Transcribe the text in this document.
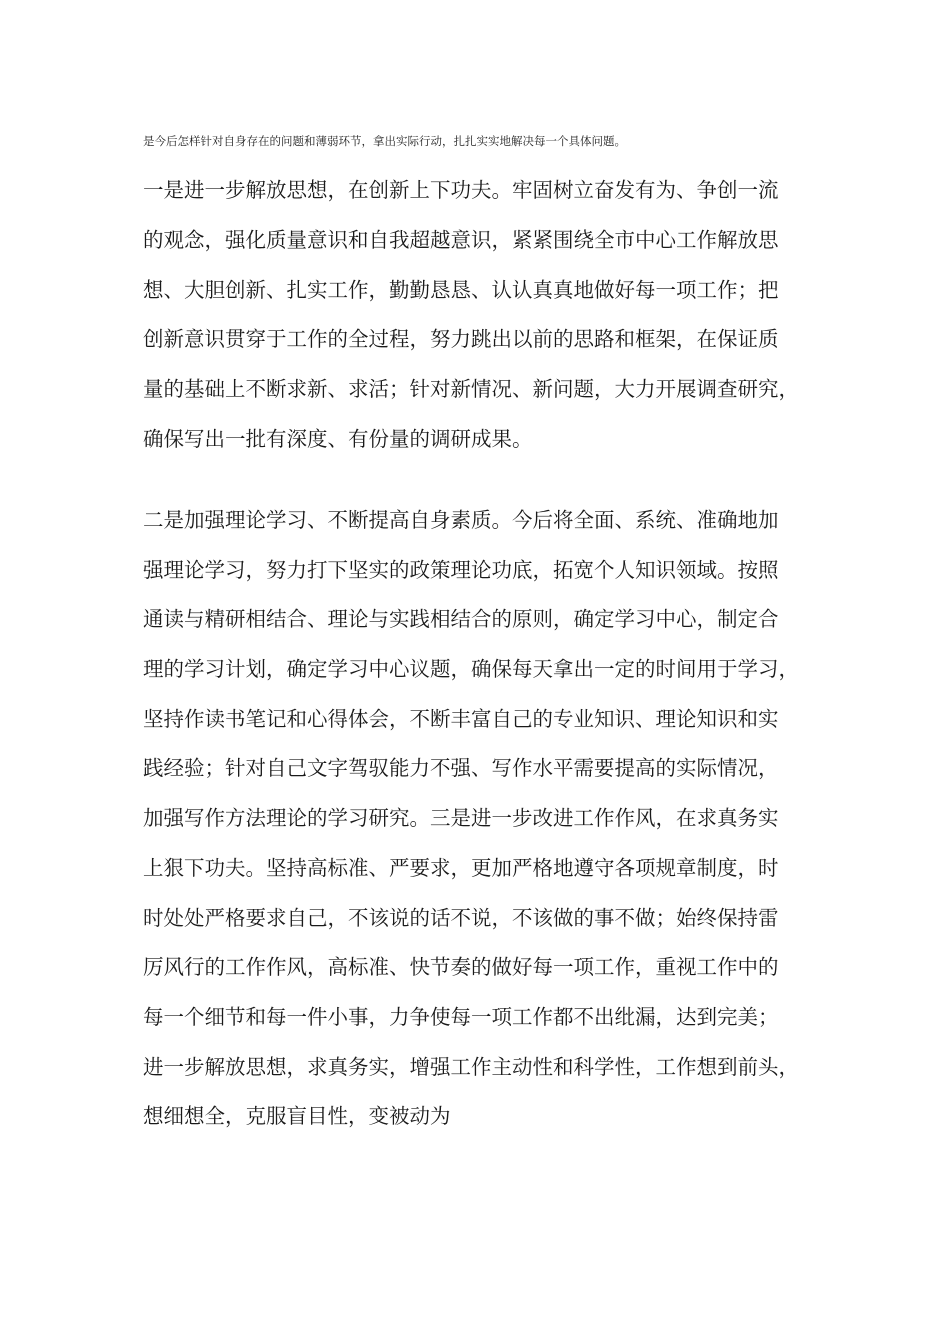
是今后怎样针对自身存在的问题和薄弱环节，拿出实际行动，扎扎实实地解决每一个具体问题。
一是进一步解放思想，在创新上下功夫。牢固树立奋发有为、争创一流
的观念，强化质量意识和自我超越意识，紧紧围绕全市中心工作解放思
想、大胆创新、扎实工作，勤勤恳恳、认认真真地做好每一项工作；把
创新意识贯穿于工作的全过程，努力跳出以前的思路和框架，在保证质
量的基础上不断求新、求活；针对新情况、新问题，大力开展调查研究，
确保写出一批有深度、有份量的调研成果。
二是加强理论学习、不断提高自身素质。今后将全面、系统、准确地加
强理论学习，努力打下坚实的政策理论功底，拓宽个人知识领域。按照
通读与精研相结合、理论与实践相结合的原则，确定学习中心，制定合
理的学习计划，确定学习中心议题，确保每天拿出一定的时间用于学习，
坚持作读书笔记和心得体会，不断丰富自己的专业知识、理论知识和实
践经验；针对自己文字驾驭能力不强、写作水平需要提高的实际情况，
加强写作方法理论的学习研究。三是进一步改进工作作风，在求真务实
上狠下功夫。坚持高标准、严要求，更加严格地遵守各项规章制度，时
时处处严格要求自己，不该说的话不说，不该做的事不做；始终保持雷
厉风行的工作作风，高标准、快节奏的做好每一项工作，重视工作中的
每一个细节和每一件小事，力争使每一项工作都不出纰漏，达到完美；
进一步解放思想，求真务实，增强工作主动性和科学性，工作想到前头，
想细想全，克服盲目性，变被动为
